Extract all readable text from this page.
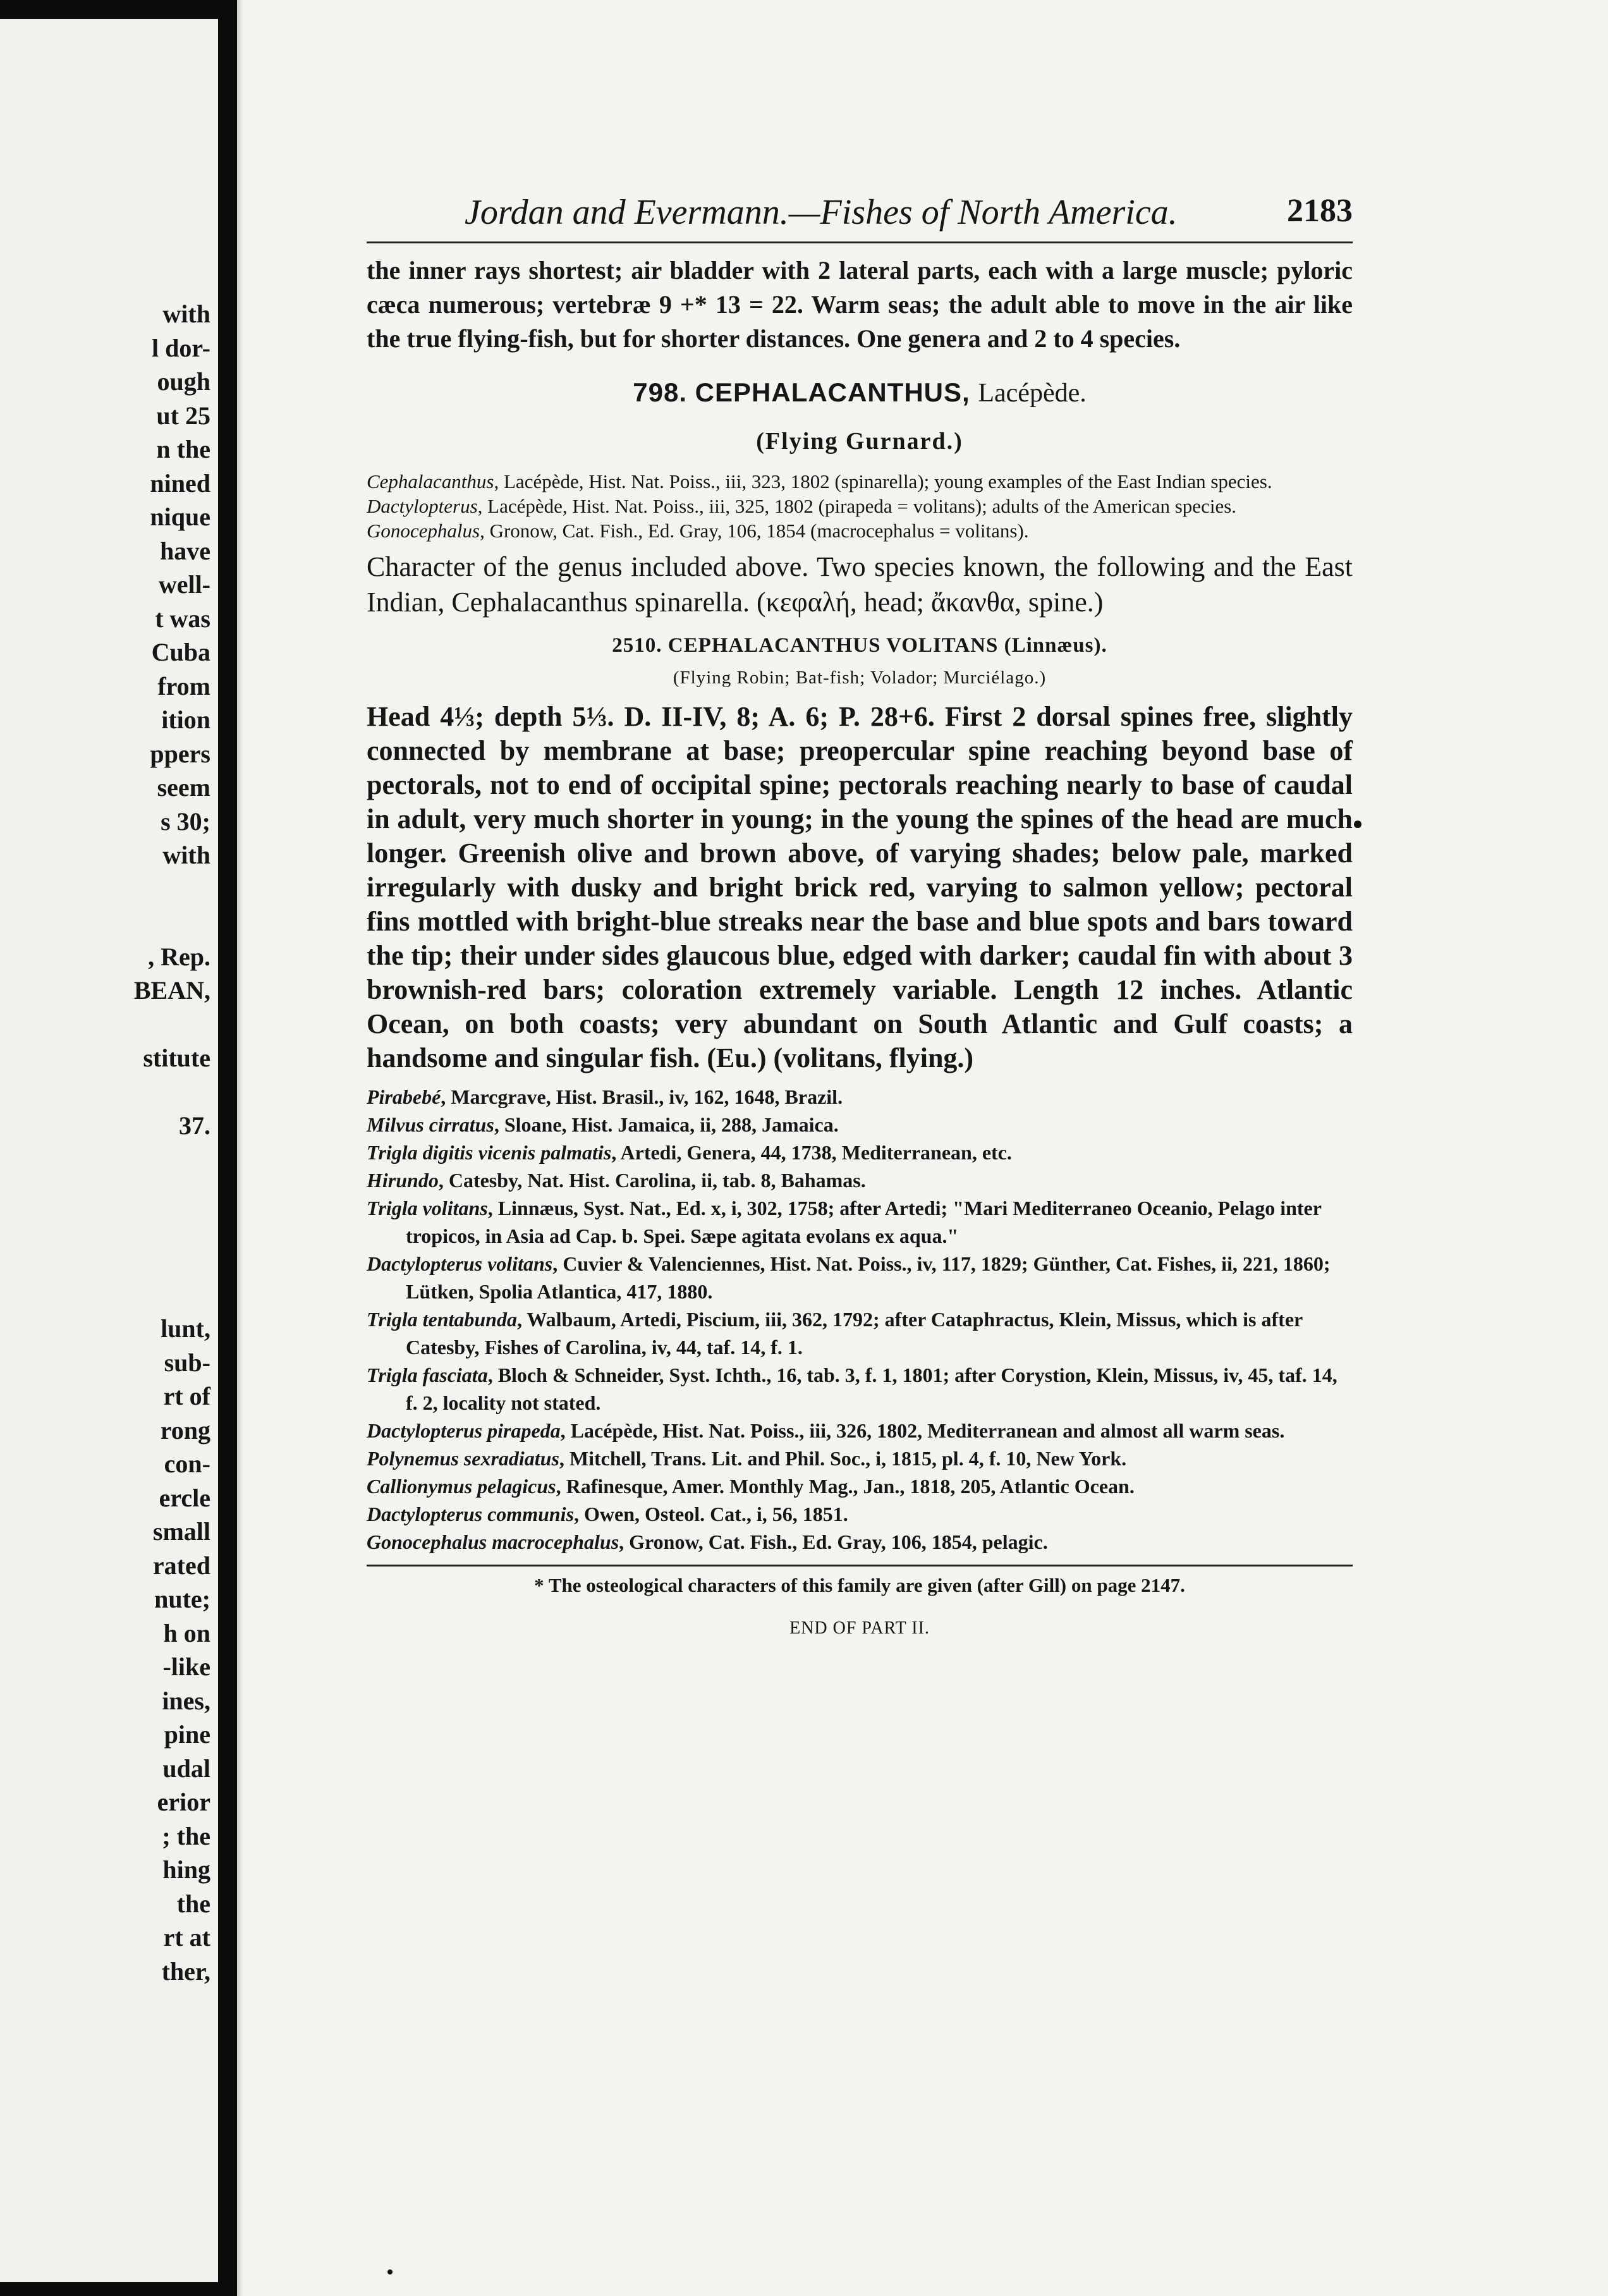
with
l dor-
ough
ut 25
n the
nined
nique
have
well-
t was
Cuba
from
ition
ppers
seem
s 30;
with
, Rep.
BEAN,
stitute
37.
lunt,
sub-
rt of
rong
con-
ercle
small
rated
nute;
h on
-like
ines,
pine
udal
erior
; the
hing
the
rt at
ther,
Jordan and Evermann.—Fishes of North America.	2183

the inner rays shortest; air bladder with 2 lateral parts, each with a large muscle; pyloric cæca numerous; vertebræ 9 +* 13 = 22. Warm seas; the adult able to move in the air like the true flying-fish, but for shorter distances. One genera and 2 to 4 species.

798. CEPHALACANTHUS, Lacépède.
(Flying Gurnard.)

Cephalacanthus, Lacépède, Hist. Nat. Poiss., iii, 323, 1802 (spinarella); young examples of the East Indian species.

Dactylopterus, Lacépède, Hist. Nat. Poiss., iii, 325, 1802 (pirapeda = volitans); adults of the American species.

Gonocephalus, Gronow, Cat. Fish., Ed. Gray, 106, 1854 (macrocephalus = volitans).

Character of the genus included above. Two species known, the following and the East Indian, Cephalacanthus spinarella. (κεφαλή, head; ἄκανθα, spine.)

2510. CEPHALACANTHUS VOLITANS (Linnæus).
(Flying Robin; Bat-fish; Volador; Murciélago.)

Head 4⅓; depth 5⅓. D. II-IV, 8; A. 6; P. 28+6. First 2 dorsal spines free, slightly connected by membrane at base; preopercular spine reaching beyond base of pectorals, not to end of occipital spine; pectorals reaching nearly to base of caudal in adult, very much shorter in young; in the young the spines of the head are much longer. Greenish olive and brown above, of varying shades; below pale, marked irregularly with dusky and bright brick red, varying to salmon yellow; pectoral fins mottled with bright-blue streaks near the base and blue spots and bars toward the tip; their under sides glaucous blue, edged with darker; caudal fin with about 3 brownish-red bars; coloration extremely variable. Length 12 inches. Atlantic Ocean, on both coasts; very abundant on South Atlantic and Gulf coasts; a handsome and singular fish. (Eu.) (volitans, flying.)

Pirabebé, Marcgrave, Hist. Brasil., iv, 162, 1648, Brazil.

Milvus cirratus, Sloane, Hist. Jamaica, ii, 288, Jamaica.

Trigla digitis vicenis palmatis, Artedi, Genera, 44, 1738, Mediterranean, etc.

Hirundo, Catesby, Nat. Hist. Carolina, ii, tab. 8, Bahamas.

Trigla volitans, Linnæus, Syst. Nat., Ed. x, i, 302, 1758; after Artedi; "Mari Mediterraneo Oceanio, Pelago inter tropicos, in Asia ad Cap. b. Spei. Sæpe agitata evolans ex aqua."

Dactylopterus volitans, Cuvier & Valenciennes, Hist. Nat. Poiss., iv, 117, 1829; Günther, Cat. Fishes, ii, 221, 1860; Lütken, Spolia Atlantica, 417, 1880.

Trigla tentabunda, Walbaum, Artedi, Piscium, iii, 362, 1792; after Cataphractus, Klein, Missus, which is after Catesby, Fishes of Carolina, iv, 44, taf. 14, f. 1.

Trigla fasciata, Bloch & Schneider, Syst. Ichth., 16, tab. 3, f. 1, 1801; after Corystion, Klein, Missus, iv, 45, taf. 14, f. 2, locality not stated.

Dactylopterus pirapeda, Lacépède, Hist. Nat. Poiss., iii, 326, 1802, Mediterranean and almost all warm seas.

Polynemus sexradiatus, Mitchell, Trans. Lit. and Phil. Soc., i, 1815, pl. 4, f. 10, New York.

Callionymus pelagicus, Rafinesque, Amer. Monthly Mag., Jan., 1818, 205, Atlantic Ocean.

Dactylopterus communis, Owen, Osteol. Cat., i, 56, 1851.

Gonocephalus macrocephalus, Gronow, Cat. Fish., Ed. Gray, 106, 1854, pelagic.

* The osteological characters of this family are given (after Gill) on page 2147.
END OF PART II.
